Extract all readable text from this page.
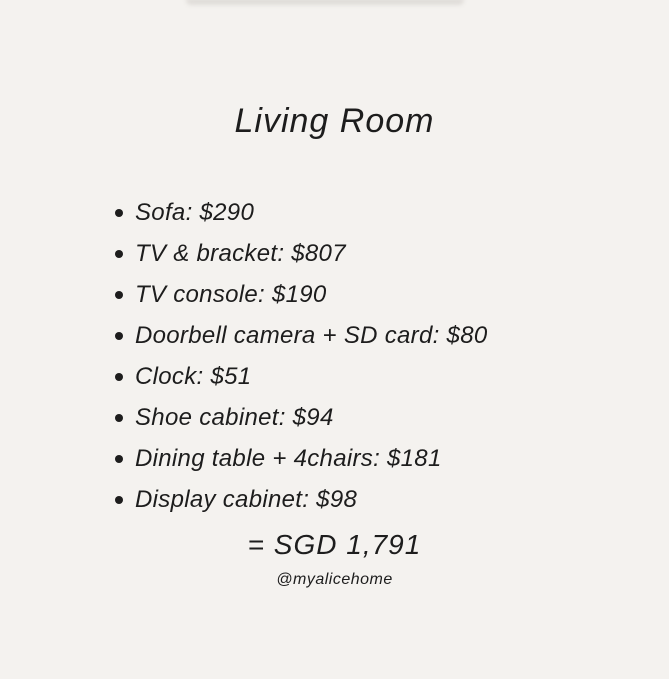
Living Room
Sofa: $290
TV & bracket: $807
TV console: $190
Doorbell camera + SD card: $80
Clock: $51
Shoe cabinet: $94
Dining table + 4chairs: $181
Display cabinet: $98
= SGD 1,791
@myalicehome
